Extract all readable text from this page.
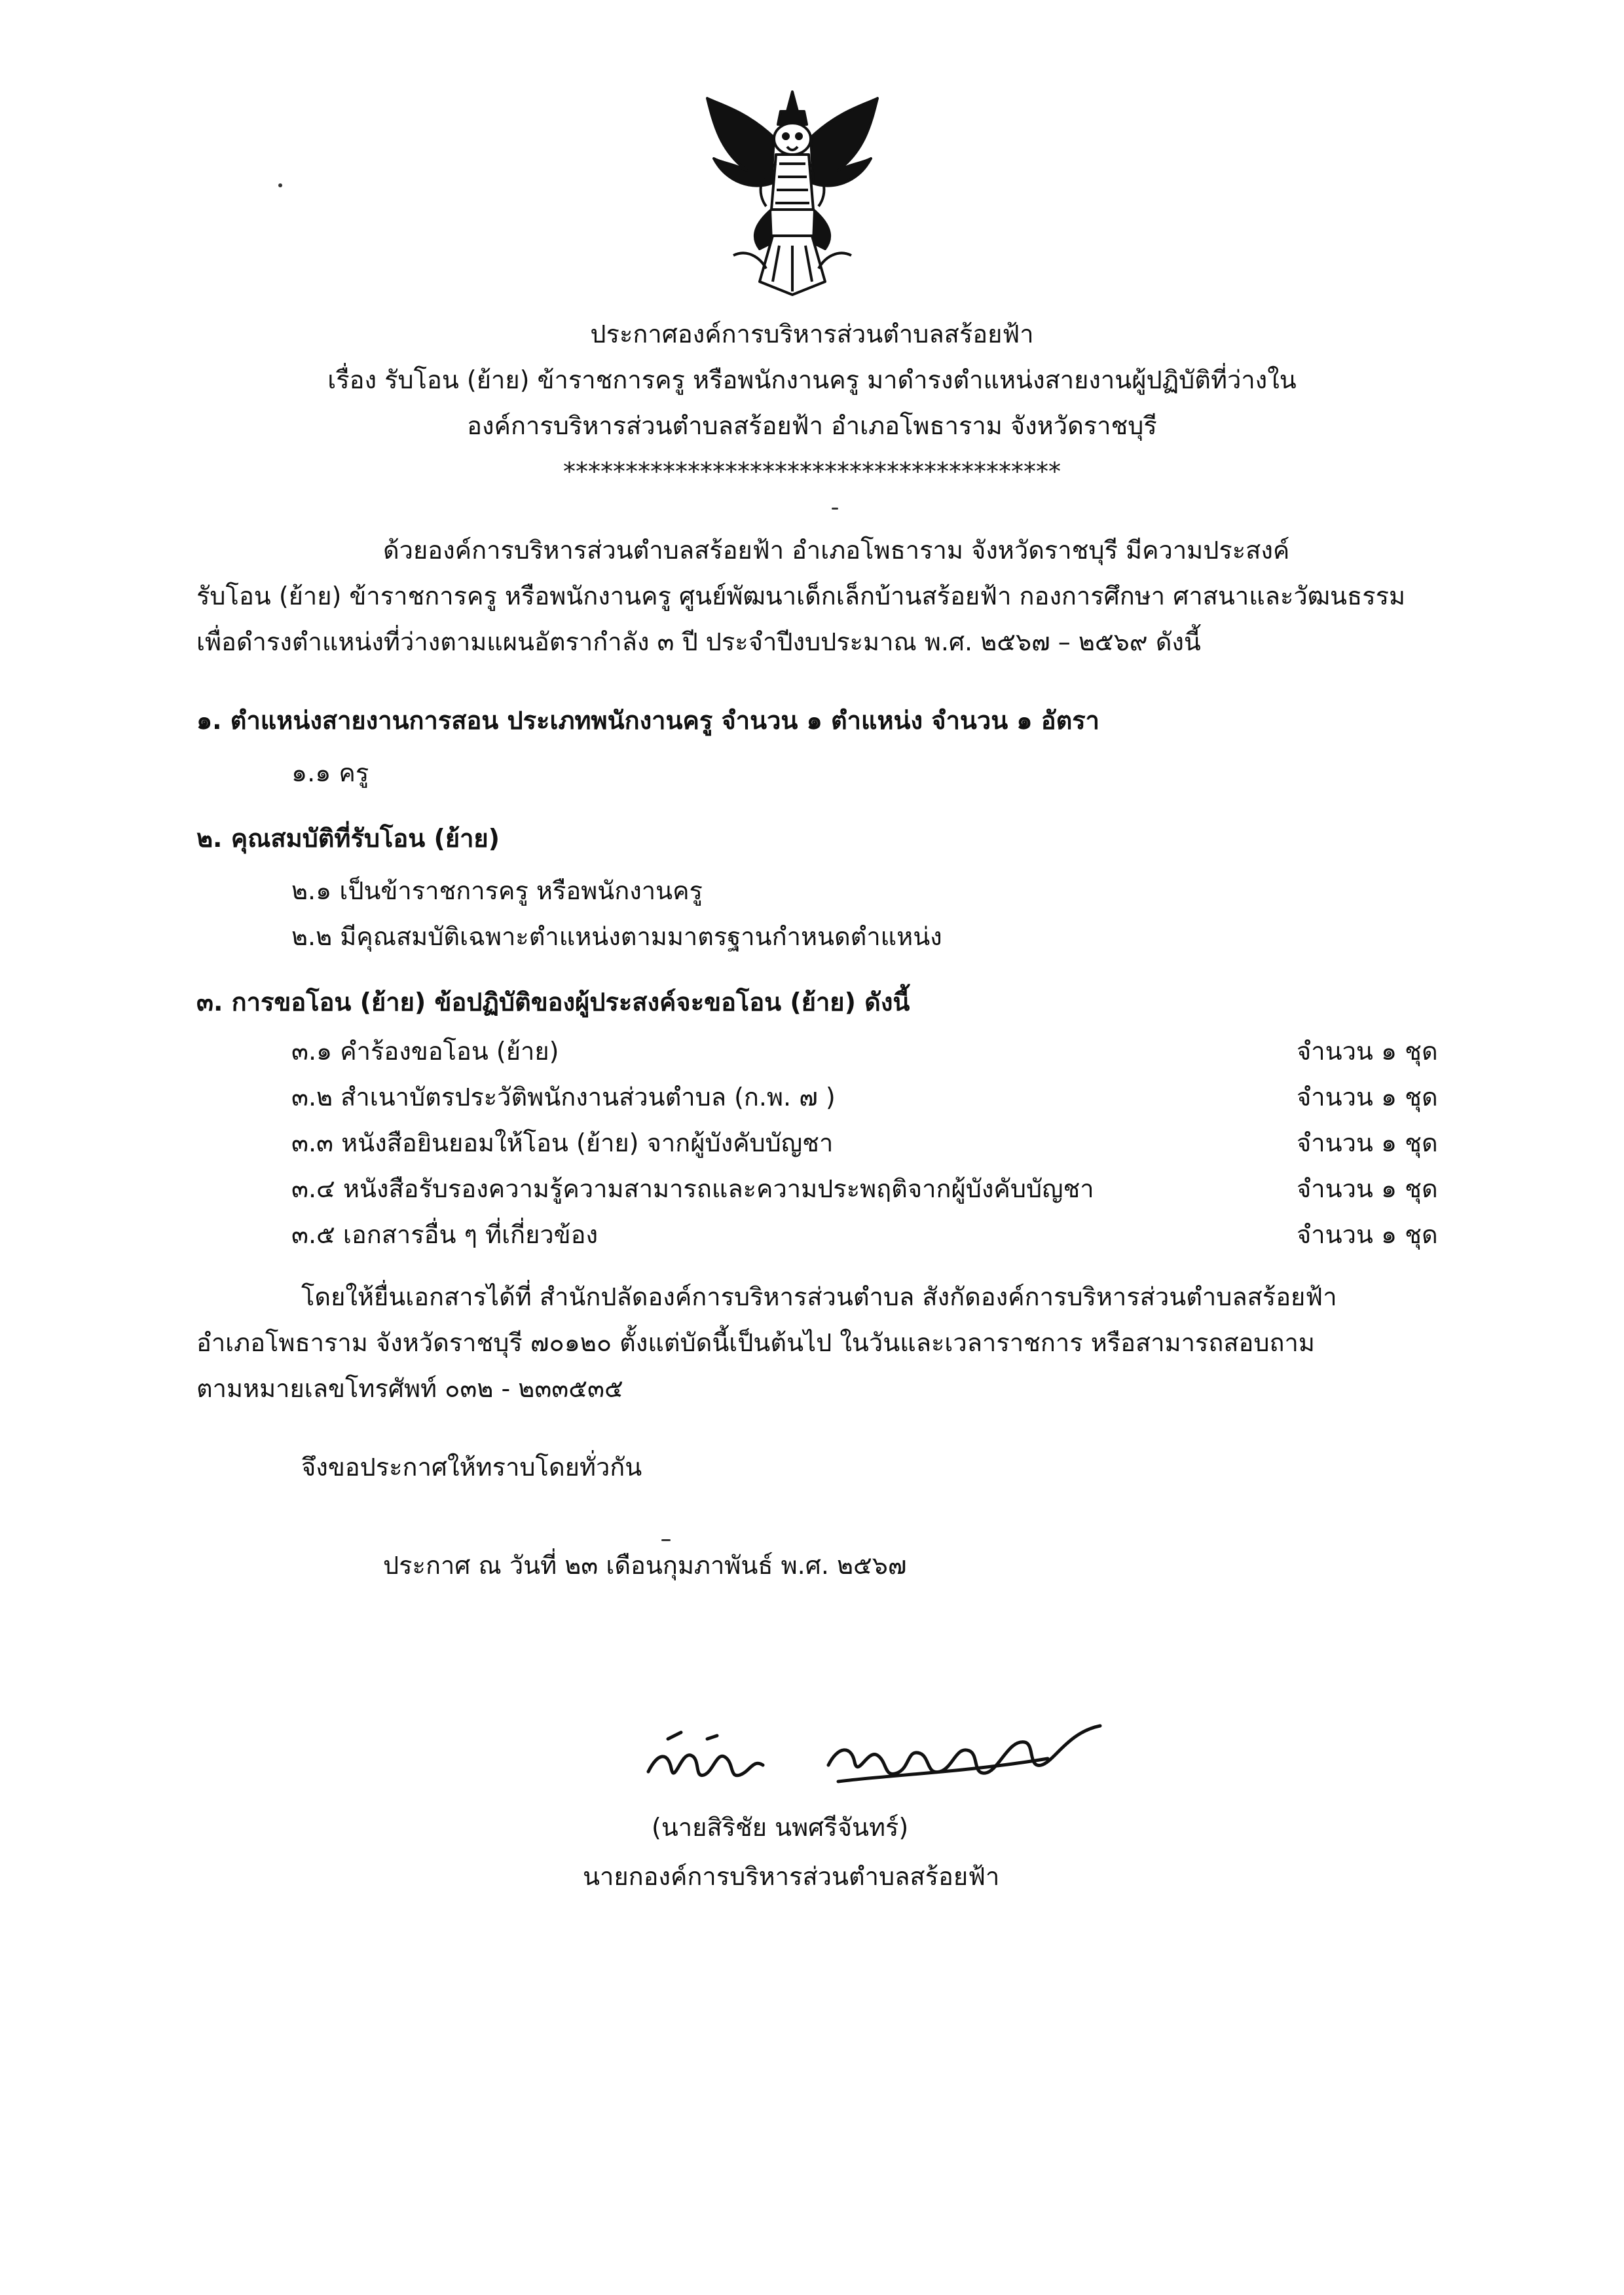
ประกาศองค์การบริหารส่วนตำบลสร้อยฟ้า
เรื่อง รับโอน (ย้าย) ข้าราชการครู หรือพนักงานครู มาดำรงตำแหน่งสายงานผู้ปฏิบัติที่ว่างใน
องค์การบริหารส่วนตำบลสร้อยฟ้า อำเภอโพธาราม จังหวัดราชบุรี
****************************************
ด้วยองค์การบริหารส่วนตำบลสร้อยฟ้า อำเภอโพธาราม จังหวัดราชบุรี มีความประสงค์
รับโอน (ย้าย) ข้าราชการครู หรือพนักงานครู ศูนย์พัฒนาเด็กเล็กบ้านสร้อยฟ้า กองการศึกษา ศาสนาและวัฒนธรรม
เพื่อดำรงตำแหน่งที่ว่างตามแผนอัตรากำลัง ๓ ปี ประจำปีงบประมาณ พ.ศ. ๒๕๖๗ – ๒๕๖๙ ดังนี้
๑. ตำแหน่งสายงานการสอน ประเภทพนักงานครู จำนวน ๑ ตำแหน่ง จำนวน ๑ อัตรา
๑.๑ ครู
๒. คุณสมบัติที่รับโอน (ย้าย)
๒.๑ เป็นข้าราชการครู หรือพนักงานครู
๒.๒ มีคุณสมบัติเฉพาะตำแหน่งตามมาตรฐานกำหนดตำแหน่ง
๓. การขอโอน (ย้าย) ข้อปฏิบัติของผู้ประสงค์จะขอโอน (ย้าย) ดังนี้
๓.๑ คำร้องขอโอน (ย้าย)	จำนวน ๑ ชุด
๓.๒ สำเนาบัตรประวัติพนักงานส่วนตำบล (ก.พ. ๗ )	จำนวน ๑ ชุด
๓.๓ หนังสือยินยอมให้โอน (ย้าย) จากผู้บังคับบัญชา	จำนวน ๑ ชุด
๓.๔ หนังสือรับรองความรู้ความสามารถและความประพฤติจากผู้บังคับบัญชา	จำนวน ๑ ชุด
๓.๕ เอกสารอื่น ๆ ที่เกี่ยวข้อง	จำนวน ๑ ชุด
โดยให้ยื่นเอกสารได้ที่ สำนักปลัดองค์การบริหารส่วนตำบล สังกัดองค์การบริหารส่วนตำบลสร้อยฟ้า
อำเภอโพธาราม จังหวัดราชบุรี ๗๐๑๒๐ ตั้งแต่บัดนี้เป็นต้นไป ในวันและเวลาราชการ หรือสามารถสอบถาม
ตามหมายเลขโทรศัพท์ ๐๓๒ - ๒๓๓๕๓๕
จึงขอประกาศให้ทราบโดยทั่วกัน
ประกาศ ณ วันที่ ๒๓ เดือนกุมภาพันธ์ พ.ศ. ๒๕๖๗
(นายสิริชัย นพศรีจันทร์)
นายกองค์การบริหารส่วนตำบลสร้อยฟ้า
